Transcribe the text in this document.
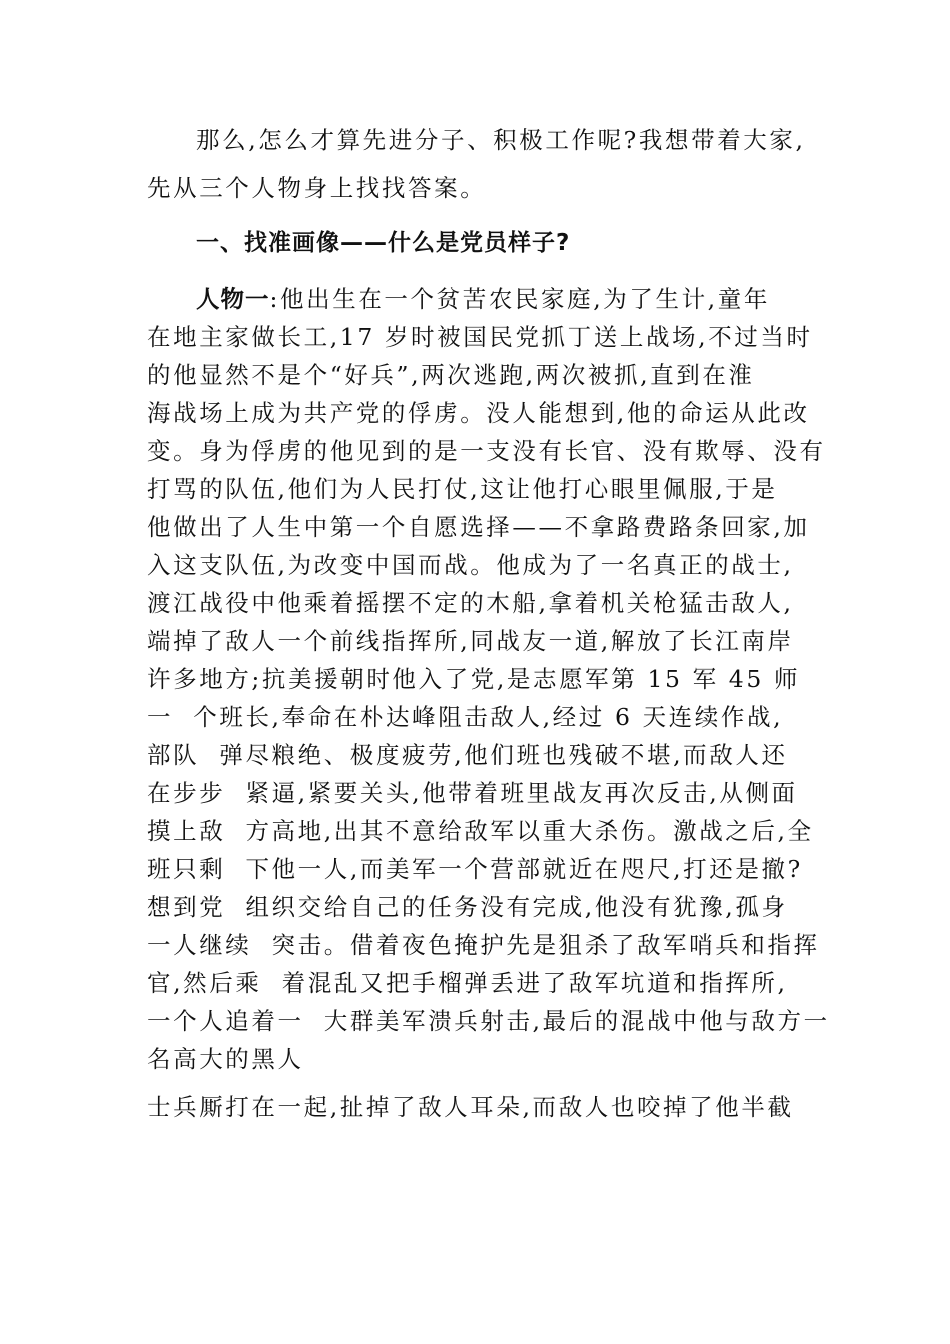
那么,怎么才算先进分子、积极工作呢?我想带着大家,
先从三个人物身上找找答案。
一、找准画像——什么是党员样子?
人物一:他出生在一个贫苦农民家庭,为了生计,童年
在地主家做长工,17 岁时被国民党抓丁送上战场,不过当时
的他显然不是个“好兵”,两次逃跑,两次被抓,直到在淮
海战场上成为共产党的俘虏。没人能想到,他的命运从此改
变。身为俘虏的他见到的是一支没有长官、没有欺辱、没有
打骂的队伍,他们为人民打仗,这让他打心眼里佩服,于是
他做出了人生中第一个自愿选择——不拿路费路条回家,加
入这支队伍,为改变中国而战。他成为了一名真正的战士,
渡江战役中他乘着摇摆不定的木船,拿着机关枪猛击敌人,
端掉了敌人一个前线指挥所,同战友一道,解放了长江南岸
许多地方;抗美援朝时他入了党,是志愿军第 15 军 45 师
一  个班长,奉命在朴达峰阻击敌人,经过 6 天连续作战,
部队  弹尽粮绝、极度疲劳,他们班也残破不堪,而敌人还
在步步  紧逼,紧要关头,他带着班里战友再次反击,从侧面
摸上敌  方高地,出其不意给敌军以重大杀伤。激战之后,全
班只剩  下他一人,而美军一个营部就近在咫尺,打还是撤?
想到党  组织交给自己的任务没有完成,他没有犹豫,孤身
一人继续  突击。借着夜色掩护先是狙杀了敌军哨兵和指挥
官,然后乘  着混乱又把手榴弹丢进了敌军坑道和指挥所,
一个人追着一  大群美军溃兵射击,最后的混战中他与敌方一
名高大的黑人
士兵厮打在一起,扯掉了敌人耳朵,而敌人也咬掉了他半截
